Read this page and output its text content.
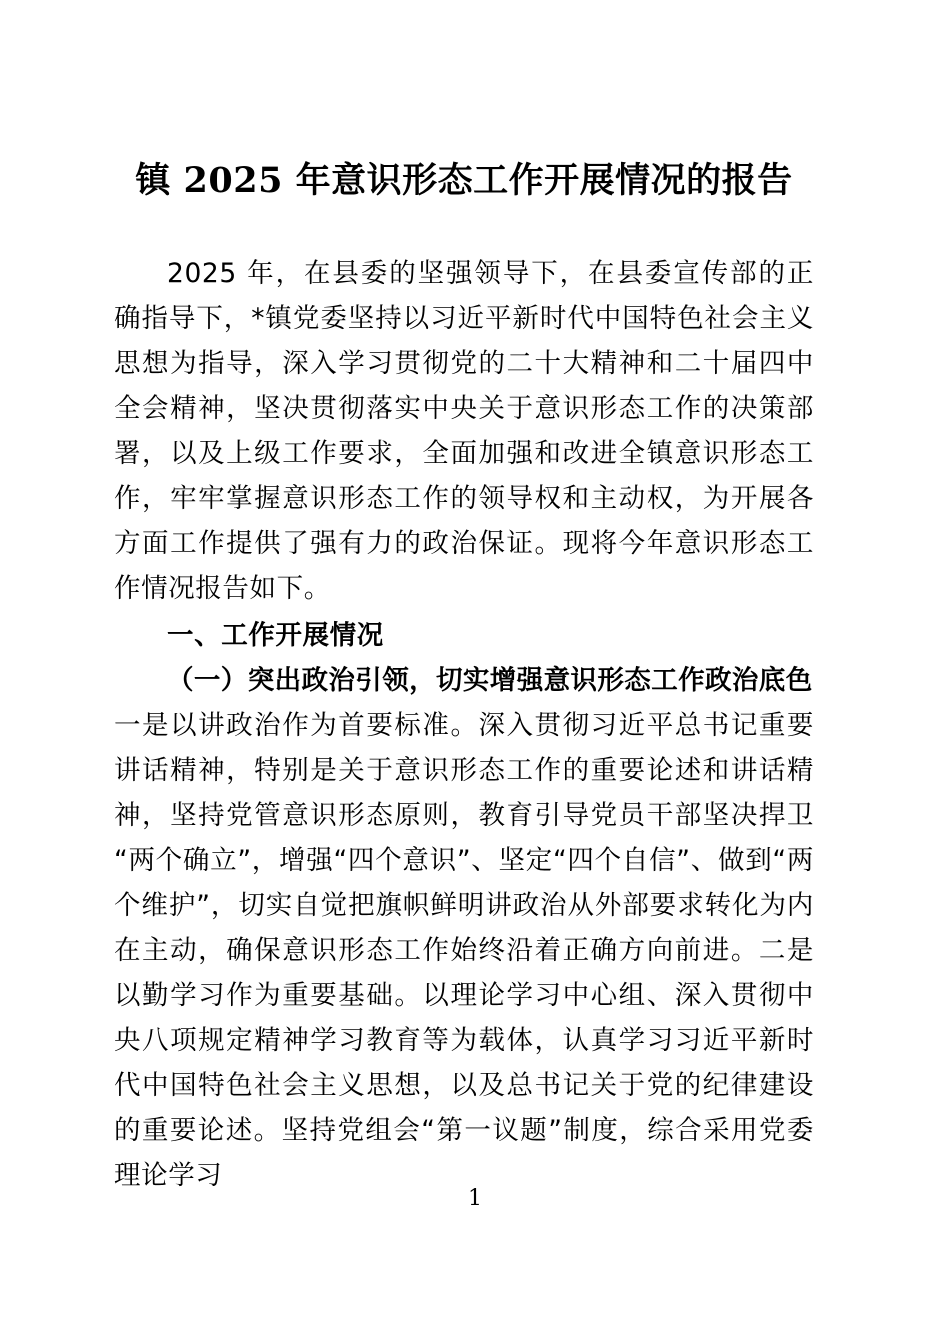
镇 2025 年意识形态工作开展情况的报告

2025 年，在县委的坚强领导下，在县委宣传部的正确指导下，*镇党委坚持以习近平新时代中国特色社会主义思想为指导，深入学习贯彻党的二十大精神和二十届四中全会精神，坚决贯彻落实中央关于意识形态工作的决策部署，以及上级工作要求，全面加强和改进全镇意识形态工作，牢牢掌握意识形态工作的领导权和主动权，为开展各方面工作提供了强有力的政治保证。现将今年意识形态工作情况报告如下。

一、工作开展情况

（一）突出政治引领，切实增强意识形态工作政治底色

一是以讲政治作为首要标准。深入贯彻习近平总书记重要讲话精神，特别是关于意识形态工作的重要论述和讲话精神，坚持党管意识形态原则，教育引导党员干部坚决捍卫“两个确立”，增强“四个意识”、坚定“四个自信”、做到“两个维护”，切实自觉把旗帜鲜明讲政治从外部要求转化为内在主动，确保意识形态工作始终沿着正确方向前进。二是以勤学习作为重要基础。以理论学习中心组、深入贯彻中央八项规定精神学习教育等为载体，认真学习习近平新时代中国特色社会主义思想，以及总书记关于党的纪律建设的重要论述。坚持党组会“第一议题”制度，综合采用党委理论学习

1
